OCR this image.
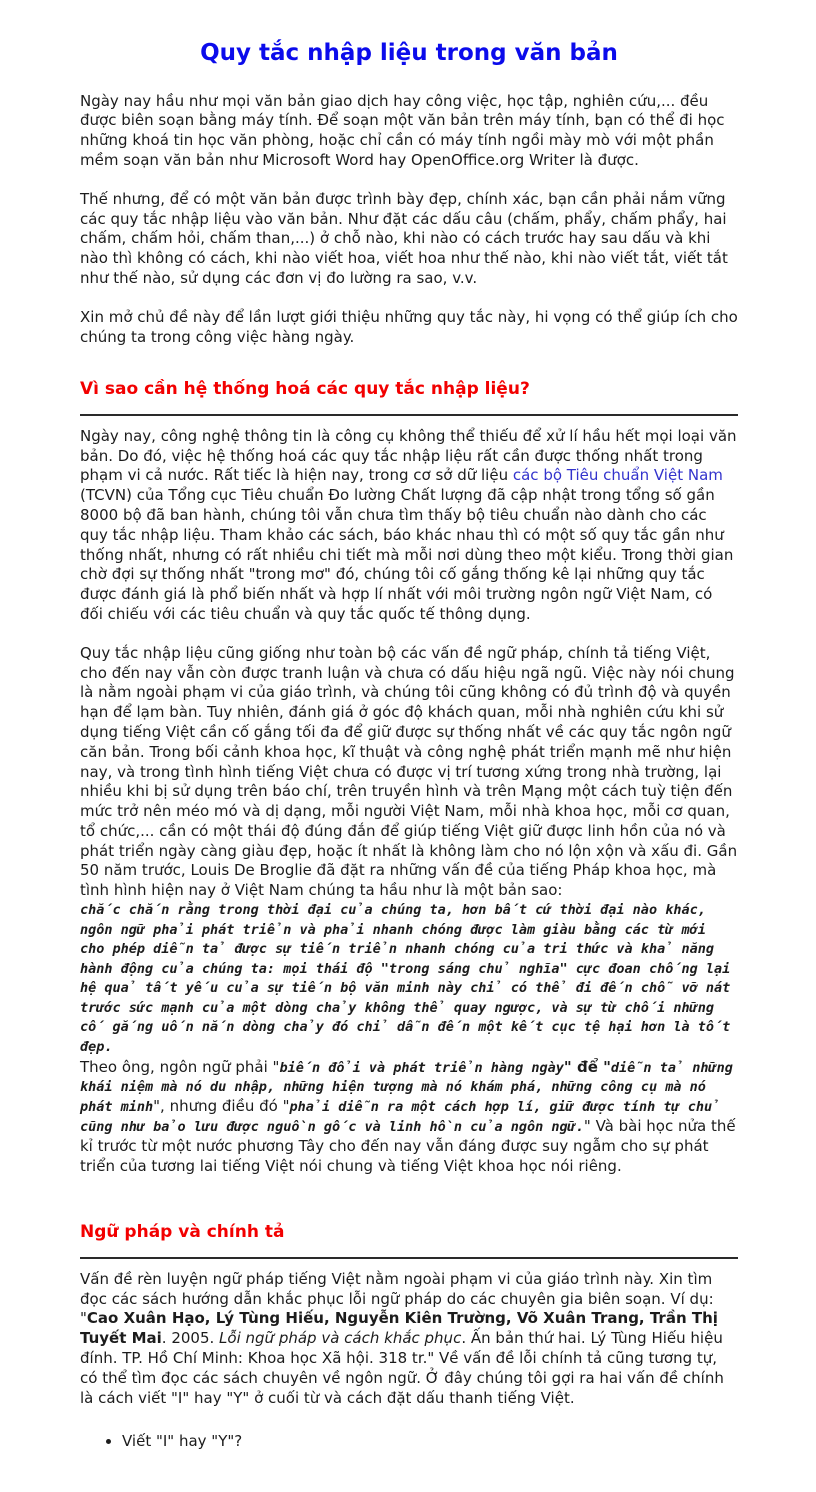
Quy tắc nhập liệu trong văn bản

Ngày nay hầu như mọi văn bản giao dịch hay công việc, học tập, nghiên cứu,... đều được biên soạn bằng máy tính. Để soạn một văn bản trên máy tính, bạn có thể đi học những khoá tin học văn phòng, hoặc chỉ cần có máy tính ngồi mày mò với một phần mềm soạn văn bản như Microsoft Word hay OpenOffice.org Writer là được.

Thế nhưng, để có một văn bản được trình bày đẹp, chính xác, bạn cần phải nắm vững các quy tắc nhập liệu vào văn bản. Như đặt các dấu câu (chấm, phẩy, chấm phẩy, hai chấm, chấm hỏi, chấm than,...) ở chỗ nào, khi nào có cách trước hay sau dấu và khi nào thì không có cách, khi nào viết hoa, viết hoa như thế nào, khi nào viết tắt, viết tắt như thế nào, sử dụng các đơn vị đo lường ra sao, v.v.

Xin mở chủ đề này để lần lượt giới thiệu những quy tắc này, hi vọng có thể giúp ích cho chúng ta trong công việc hàng ngày.

Vì sao cần hệ thống hoá các quy tắc nhập liệu?

Ngày nay, công nghệ thông tin là công cụ không thể thiếu để xử lí hầu hết mọi loại văn bản. Do đó, việc hệ thống hoá các quy tắc nhập liệu rất cần được thống nhất trong phạm vi cả nước. Rất tiếc là hiện nay, trong cơ sở dữ liệu các bộ Tiêu chuẩn Việt Nam (TCVN) của Tổng cục Tiêu chuẩn Đo lường Chất lượng đã cập nhật trong tổng số gần 8000 bộ đã ban hành, chúng tôi vẫn chưa tìm thấy bộ tiêu chuẩn nào dành cho các quy tắc nhập liệu. Tham khảo các sách, báo khác nhau thì có một số quy tắc gần như thống nhất, nhưng có rất nhiều chi tiết mà mỗi nơi dùng theo một kiểu. Trong thời gian chờ đợi sự thống nhất "trong mơ" đó, chúng tôi cố gắng thống kê lại những quy tắc được đánh giá là phổ biến nhất và hợp lí nhất với môi trường ngôn ngữ Việt Nam, có đối chiếu với các tiêu chuẩn và quy tắc quốc tế thông dụng.

Quy tắc nhập liệu cũng giống như toàn bộ các vấn đề ngữ pháp, chính tả tiếng Việt, cho đến nay vẫn còn được tranh luận và chưa có dấu hiệu ngã ngũ. Việc này nói chung là nằm ngoài phạm vi của giáo trình, và chúng tôi cũng không có đủ trình độ và quyền hạn để lạm bàn. Tuy nhiên, đánh giá ở góc độ khách quan, mỗi nhà nghiên cứu khi sử dụng tiếng Việt cần cố gắng tối đa để giữ được sự thống nhất về các quy tắc ngôn ngữ căn bản. Trong bối cảnh khoa học, kĩ thuật và công nghệ phát triển mạnh mẽ như hiện nay, và trong tình hình tiếng Việt chưa có được vị trí tương xứng trong nhà trường, lại nhiều khi bị sử dụng trên báo chí, trên truyền hình và trên Mạng một cách tuỳ tiện đến mức trở nên méo mó và dị dạng, mỗi người Việt Nam, mỗi nhà khoa học, mỗi cơ quan, tổ chức,... cần có một thái độ đúng đắn để giúp tiếng Việt giữ được linh hồn của nó và phát triển ngày càng giàu đẹp, hoặc ít nhất là không làm cho nó lộn xộn và xấu đi. Gần 50 năm trước, Louis De Broglie đã đặt ra những vấn đề của tiếng Pháp khoa học, mà tình hình hiện nay ở Việt Nam chúng ta hầu như là một bản sao:
chắc chắn rằng trong thời đại của chúng ta, hơn bất cứ thời đại nào khác, ngôn ngữ phải phát triển và phải nhanh chóng được làm giàu bằng các từ mới cho phép diễn tả được sự tiến triển nhanh chóng của tri thức và khả năng hành động của chúng ta: mọi thái độ "trong sáng chủ nghĩa" cực đoan chống lại hệ quả tất yếu của sự tiến bộ văn minh này chỉ có thể đi đến chỗ vỡ nát trước sức mạnh của một dòng chảy không thể quay ngược, và sự từ chối những cố gắng uốn nắn dòng chảy đó chỉ dẫn đến một kết cục tệ hại hơn là tốt đẹp.
Theo ông, ngôn ngữ phải "biến đổi và phát triển hàng ngày" để "diễn tả những khái niệm mà nó du nhập, những hiện tượng mà nó khám phá, những công cụ mà nó phát minh", nhưng điều đó "phải diễn ra một cách hợp lí, giữ được tính tự chủ cũng như bảo lưu được nguồn gốc và linh hồn của ngôn ngữ." Và bài học nửa thế kỉ trước từ một nước phương Tây cho đến nay vẫn đáng được suy ngẫm cho sự phát triển của tương lai tiếng Việt nói chung và tiếng Việt khoa học nói riêng.
Ngữ pháp và chính tả

Vấn đề rèn luyện ngữ pháp tiếng Việt nằm ngoài phạm vi của giáo trình này. Xin tìm đọc các sách hướng dẫn khắc phục lỗi ngữ pháp do các chuyên gia biên soạn. Ví dụ: "Cao Xuân Hạo, Lý Tùng Hiếu, Nguyễn Kiên Trường, Võ Xuân Trang, Trần Thị Tuyết Mai. 2005. Lỗi ngữ pháp và cách khắc phục. Ấn bản thứ hai. Lý Tùng Hiếu hiệu đính. TP. Hồ Chí Minh: Khoa học Xã hội. 318 tr." Về vấn đề lỗi chính tả cũng tương tự, có thể tìm đọc các sách chuyên về ngôn ngữ. Ở đây chúng tôi gợi ra hai vấn đề chính là cách viết "I" hay "Y" ở cuối từ và cách đặt dấu thanh tiếng Việt.

• Viết "I" hay "Y"?
